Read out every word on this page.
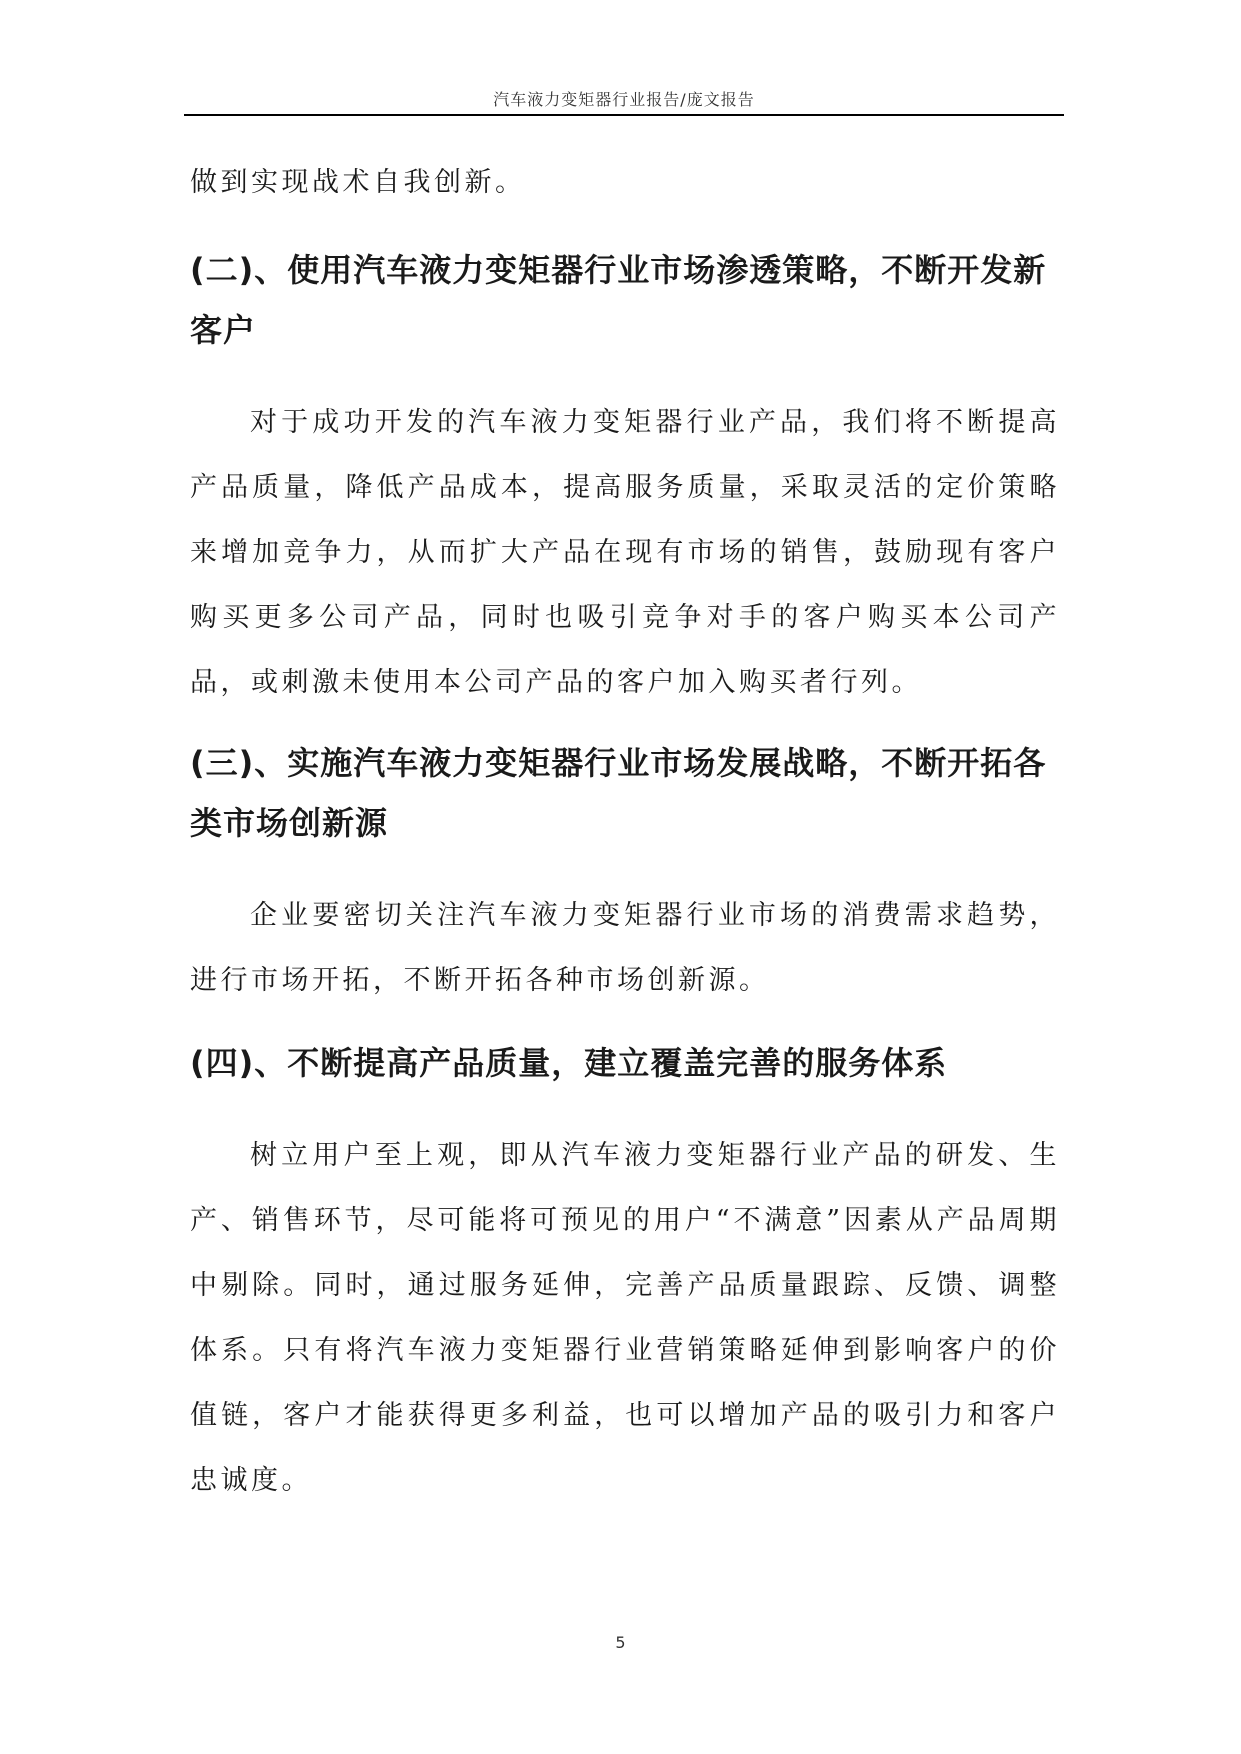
汽车液力变矩器行业报告/庞文报告

做到实现战术自我创新。

(二)、使用汽车液力变矩器行业市场渗透策略，不断开发新客户

对于成功开发的汽车液力变矩器行业产品，我们将不断提高产品质量，降低产品成本，提高服务质量，采取灵活的定价策略来增加竞争力，从而扩大产品在现有市场的销售，鼓励现有客户购买更多公司产品，同时也吸引竞争对手的客户购买本公司产品，或刺激未使用本公司产品的客户加入购买者行列。

(三)、实施汽车液力变矩器行业市场发展战略，不断开拓各类市场创新源

企业要密切关注汽车液力变矩器行业市场的消费需求趋势，进行市场开拓，不断开拓各种市场创新源。

(四)、不断提高产品质量，建立覆盖完善的服务体系

树立用户至上观，即从汽车液力变矩器行业产品的研发、生产、销售环节，尽可能将可预见的用户“不满意”因素从产品周期中剔除。同时，通过服务延伸，完善产品质量跟踪、反馈、调整体系。只有将汽车液力变矩器行业营销策略延伸到影响客户的价值链，客户才能获得更多利益，也可以增加产品的吸引力和客户忠诚度。

5
